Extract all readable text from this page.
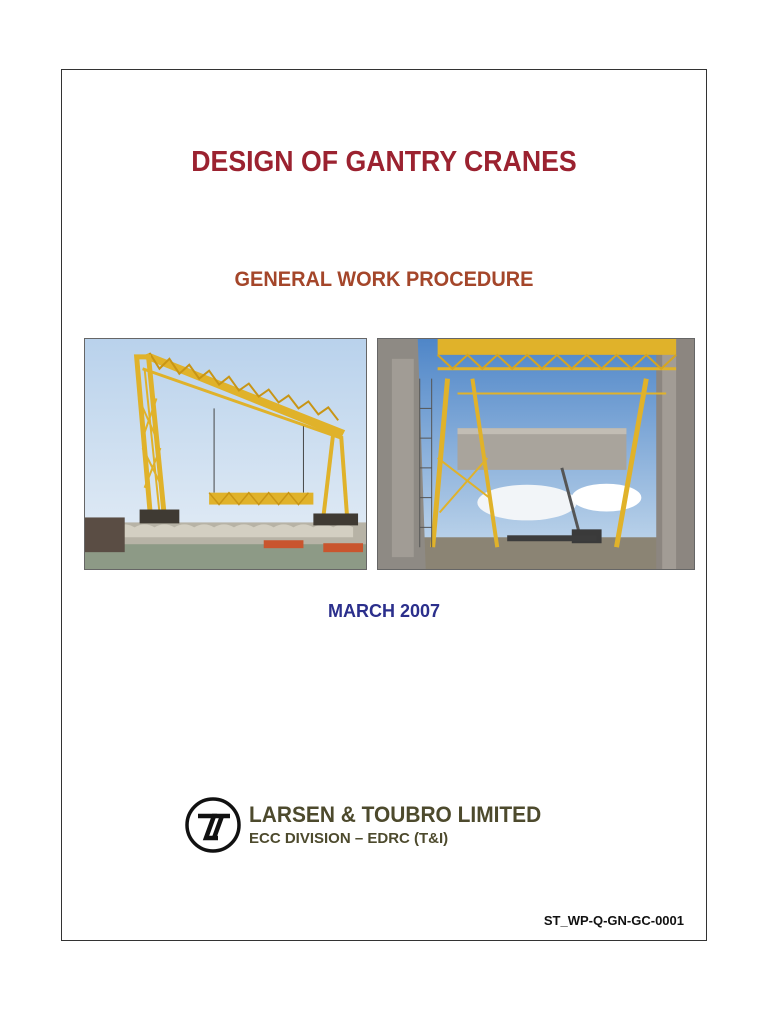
DESIGN OF GANTRY CRANES
GENERAL WORK PROCEDURE
MARCH 2007
LARSEN & TOUBRO LIMITED
ECC DIVISION – EDRC (T&I)
ST_WP-Q-GN-GC-0001
